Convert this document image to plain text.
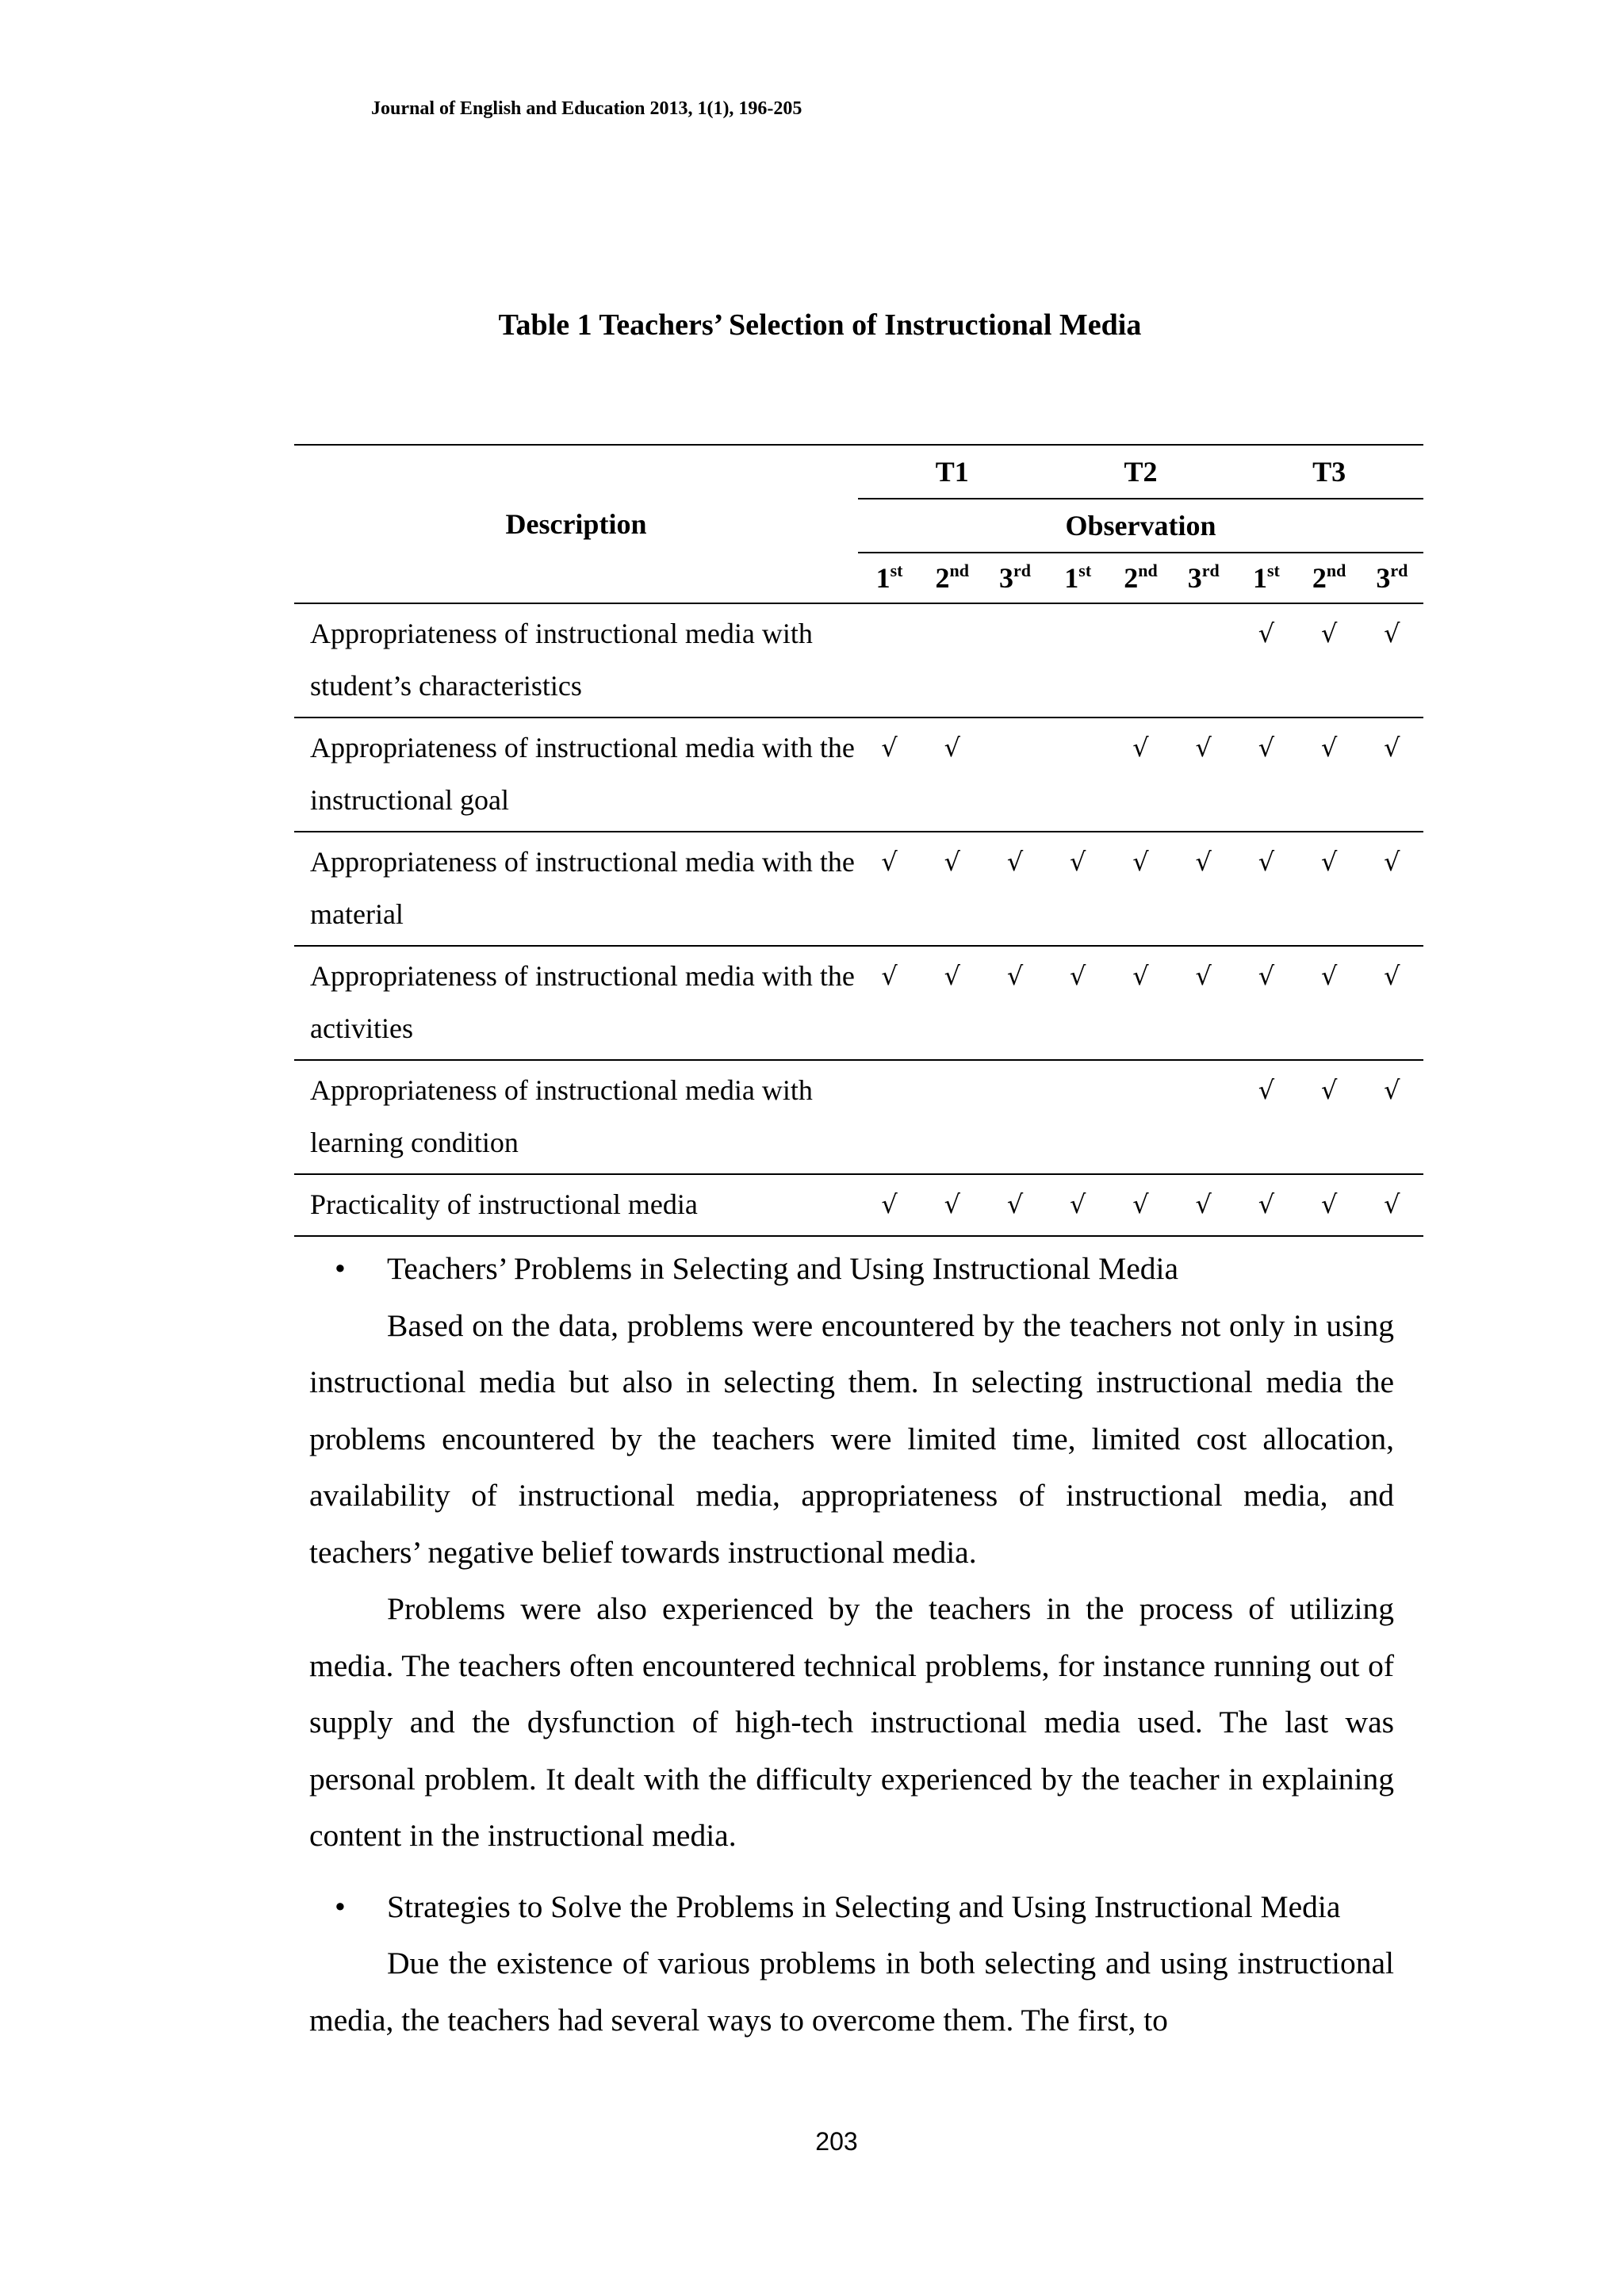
Journal of English and Education 2013, 1(1), 196-205
Table 1 Teachers’ Selection of Instructional Media
Description	T1			T2			T3		
	Observation								
	1st	2nd	3rd	1st	2nd	3rd	1st	2nd	3rd
Appropriateness of instructional media with student’s characteristics							√	√	√
Appropriateness of instructional media with the instructional goal	√	√			√	√	√	√	√
Appropriateness of instructional media with the material	√	√	√	√	√	√	√	√	√
Appropriateness of instructional media with the activities	√	√	√	√	√	√	√	√	√
Appropriateness of instructional media with learning condition							√	√	√
Practicality of instructional media	√	√	√	√	√	√	√	√	√

• Teachers’ Problems in Selecting and Using Instructional Media

Based on the data, problems were encountered by the teachers not only in using instructional media but also in selecting them. In selecting instructional media the problems encountered by the teachers were limited time, limited cost allocation, availability of instructional media, appropriateness of instructional media, and teachers’ negative belief towards instructional media.

Problems were also experienced by the teachers in the process of utilizing media. The teachers often encountered technical problems, for instance running out of supply and the dysfunction of high-tech instructional media used. The last was personal problem. It dealt with the difficulty experienced by the teacher in explaining content in the instructional media.

• Strategies to Solve the Problems in Selecting and Using Instructional Media

Due the existence of various problems in both selecting and using instructional media, the teachers had several ways to overcome them. The first, to

203
